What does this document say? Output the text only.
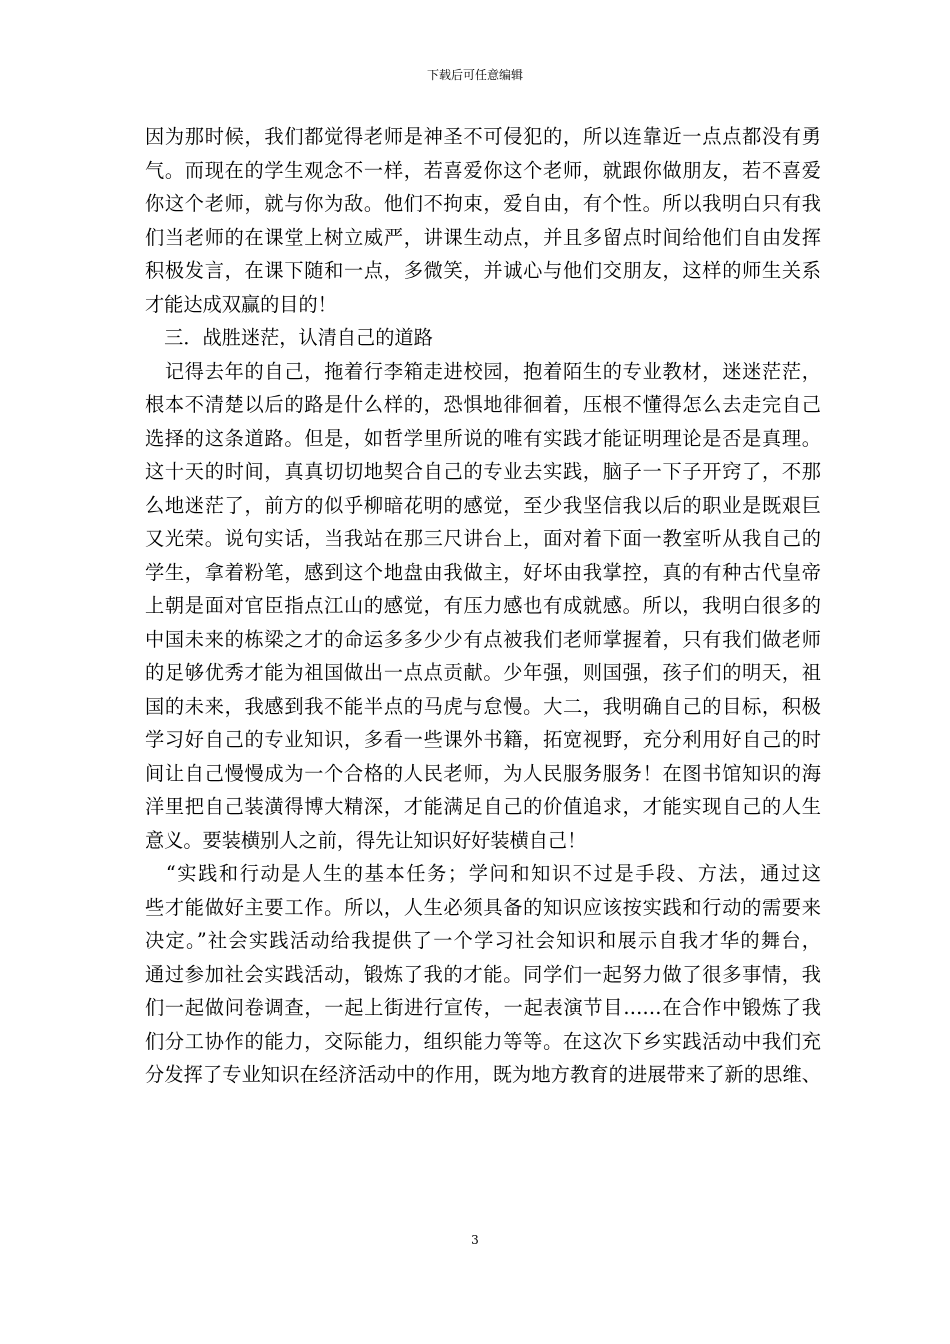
下载后可任意编辑
因为那时候，我们都觉得老师是神圣不可侵犯的，所以连靠近一点点都没有勇
气。而现在的学生观念不一样，若喜爱你这个老师，就跟你做朋友，若不喜爱
你这个老师，就与你为敌。他们不拘束，爱自由，有个性。所以我明白只有我
们当老师的在课堂上树立威严，讲课生动点，并且多留点时间给他们自由发挥
积极发言，在课下随和一点，多微笑，并诚心与他们交朋友，这样的师生关系
才能达成双赢的目的！
　三．战胜迷茫，认清自己的道路
　记得去年的自己，拖着行李箱走进校园，抱着陌生的专业教材，迷迷茫茫，
根本不清楚以后的路是什么样的，恐惧地徘徊着，压根不懂得怎么去走完自己
选择的这条道路。但是，如哲学里所说的唯有实践才能证明理论是否是真理。
这十天的时间，真真切切地契合自己的专业去实践，脑子一下子开窍了，不那
么地迷茫了，前方的似乎柳暗花明的感觉，至少我坚信我以后的职业是既艰巨
又光荣。说句实话，当我站在那三尺讲台上，面对着下面一教室听从我自己的
学生，拿着粉笔，感到这个地盘由我做主，好坏由我掌控，真的有种古代皇帝
上朝是面对官臣指点江山的感觉，有压力感也有成就感。所以，我明白很多的
中国未来的栋梁之才的命运多多少少有点被我们老师掌握着，只有我们做老师
的足够优秀才能为祖国做出一点点贡献。少年强，则国强，孩子们的明天，祖
国的未来，我感到我不能半点的马虎与怠慢。大二，我明确自己的目标，积极
学习好自己的专业知识，多看一些课外书籍，拓宽视野，充分利用好自己的时
间让自己慢慢成为一个合格的人民老师，为人民服务服务！在图书馆知识的海
洋里把自己装潢得博大精深，才能满足自己的价值追求，才能实现自己的人生
意义。要装横别人之前，得先让知识好好装横自己！
　“实践和行动是人生的基本任务；学问和知识不过是手段、方法，通过这
些才能做好主要工作。所以，人生必须具备的知识应该按实践和行动的需要来
决定。”社会实践活动给我提供了一个学习社会知识和展示自我才华的舞台，
通过参加社会实践活动，锻炼了我的才能。同学们一起努力做了很多事情，我
们一起做问卷调查，一起上街进行宣传，一起表演节目……在合作中锻炼了我
们分工协作的能力，交际能力，组织能力等等。在这次下乡实践活动中我们充
分发挥了专业知识在经济活动中的作用，既为地方教育的进展带来了新的思维、
3
